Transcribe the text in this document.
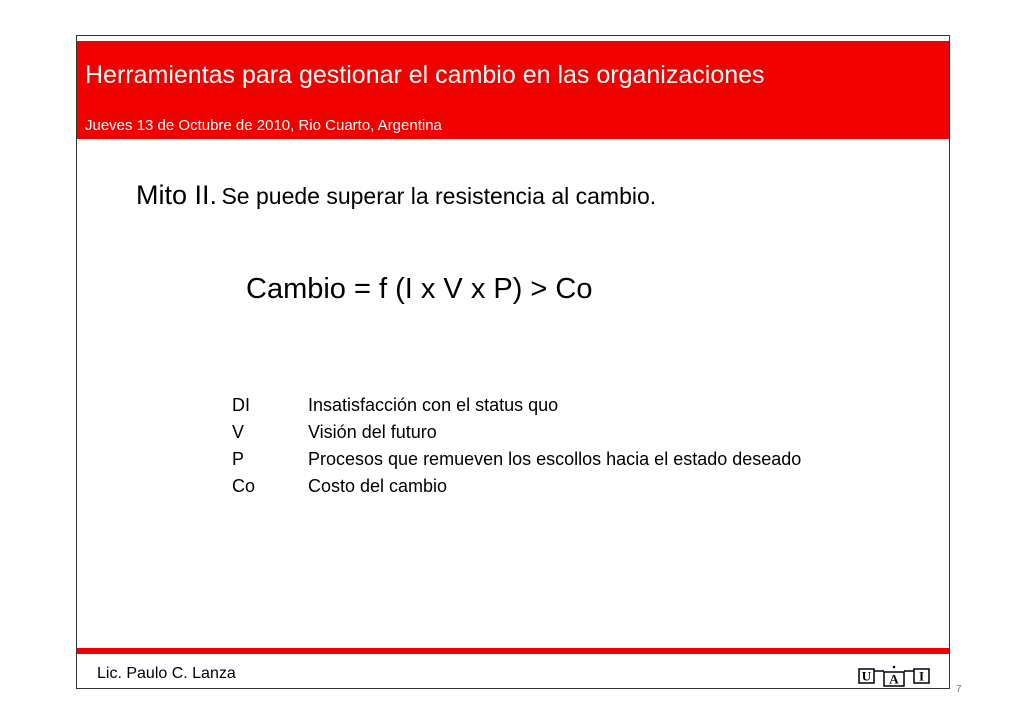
Herramientas para gestionar el cambio en las organizaciones
Jueves 13 de Octubre de 2010, Rio Cuarto, Argentina
Mito II. Se puede superar la resistencia al cambio.
Cambio = f (I x V x P) > Co
DI	Insatisfacción con el status quo
V	Visión del futuro
P	Procesos que remueven los escollos hacia el estado deseado
Co	Costo del cambio
Lic. Paulo C. Lanza	U A I
7
